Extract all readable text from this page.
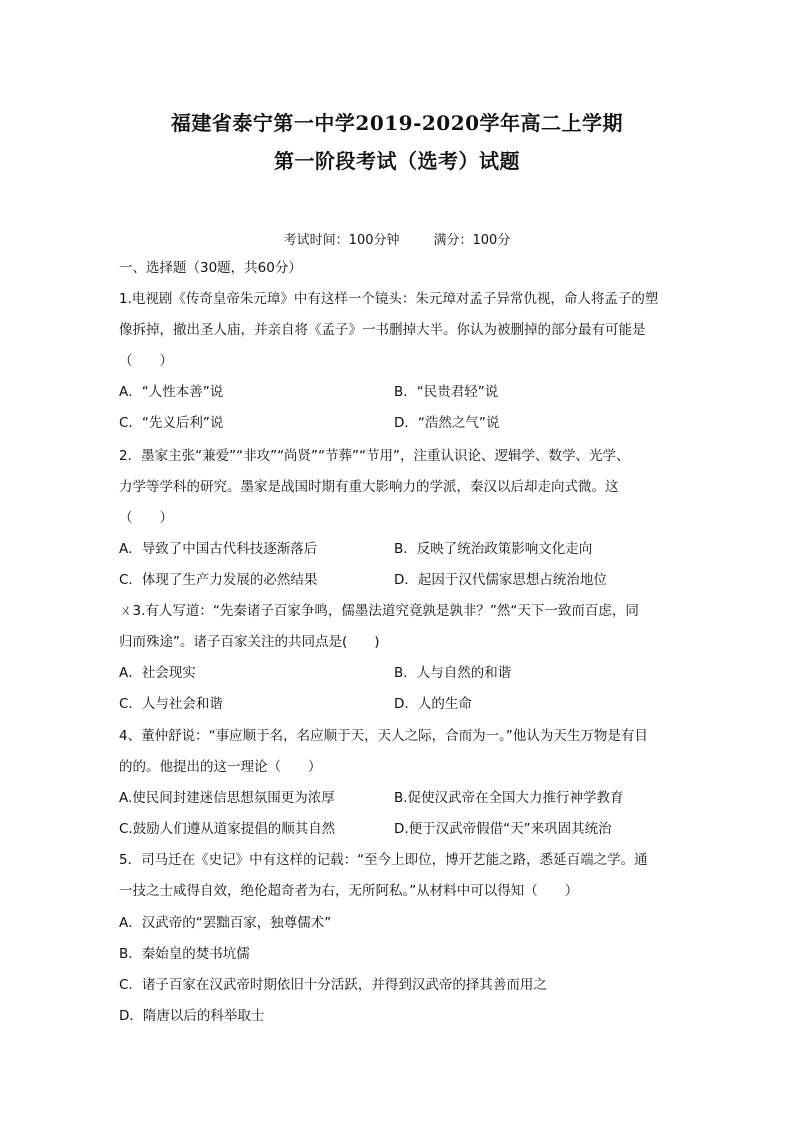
福建省泰宁第一中学2019-2020学年高二上学期
第一阶段考试（选考）试题
考试时间：100分钟	满分：100分
一、选择题（30题，共60分）
1.电视剧《传奇皇帝朱元璋》中有这样一个镜头：朱元璋对孟子异常仇视，命人将孟子的塑
像拆掉，撤出圣人庙，并亲自将《孟子》一书删掉大半。你认为被删掉的部分最有可能是
（　　）
A．“人性本善”说	B．“民贵君轻”说
C．“先义后利”说	D．“浩然之气”说
2．墨家主张“兼爱”“非攻”“尚贤”“节葬”“节用”，注重认识论、逻辑学、数学、光学、
力学等学科的研究。墨家是战国时期有重大影响力的学派，秦汉以后却走向式微。这
（　　）
A．导致了中国古代科技逐渐落后	B．反映了统治政策影响文化走向
C．体现了生产力发展的必然结果	D．起因于汉代儒家思想占统治地位
ㄨ3.有人写道：“先秦诸子百家争鸣，儒墨法道究竟孰是孰非？”然“天下一致而百虑，同
归而殊途”。诸子百家关注的共同点是(　　)
A．社会现实	B．人与自然的和谐
C．人与社会和谐	D．人的生命
4、董仲舒说：“事应顺于名，名应顺于天，天人之际，合而为一。”他认为天生万物是有目
的的。他提出的这一理论（　　）
A.使民间封建迷信思想氛围更为浓厚	B.促使汉武帝在全国大力推行神学教育
C.鼓励人们遵从道家提倡的顺其自然	D.便于汉武帝假借“天”来巩固其统治
5．司马迁在《史记》中有这样的记载：“至今上即位，博开艺能之路，悉延百端之学。通
一技之士咸得自效，绝伦超奇者为右，无所阿私。”从材料中可以得知（　　）
A．汉武帝的“罢黜百家，独尊儒术”
B．秦始皇的焚书坑儒
C．诸子百家在汉武帝时期依旧十分活跃，并得到汉武帝的择其善而用之
D．隋唐以后的科举取士
